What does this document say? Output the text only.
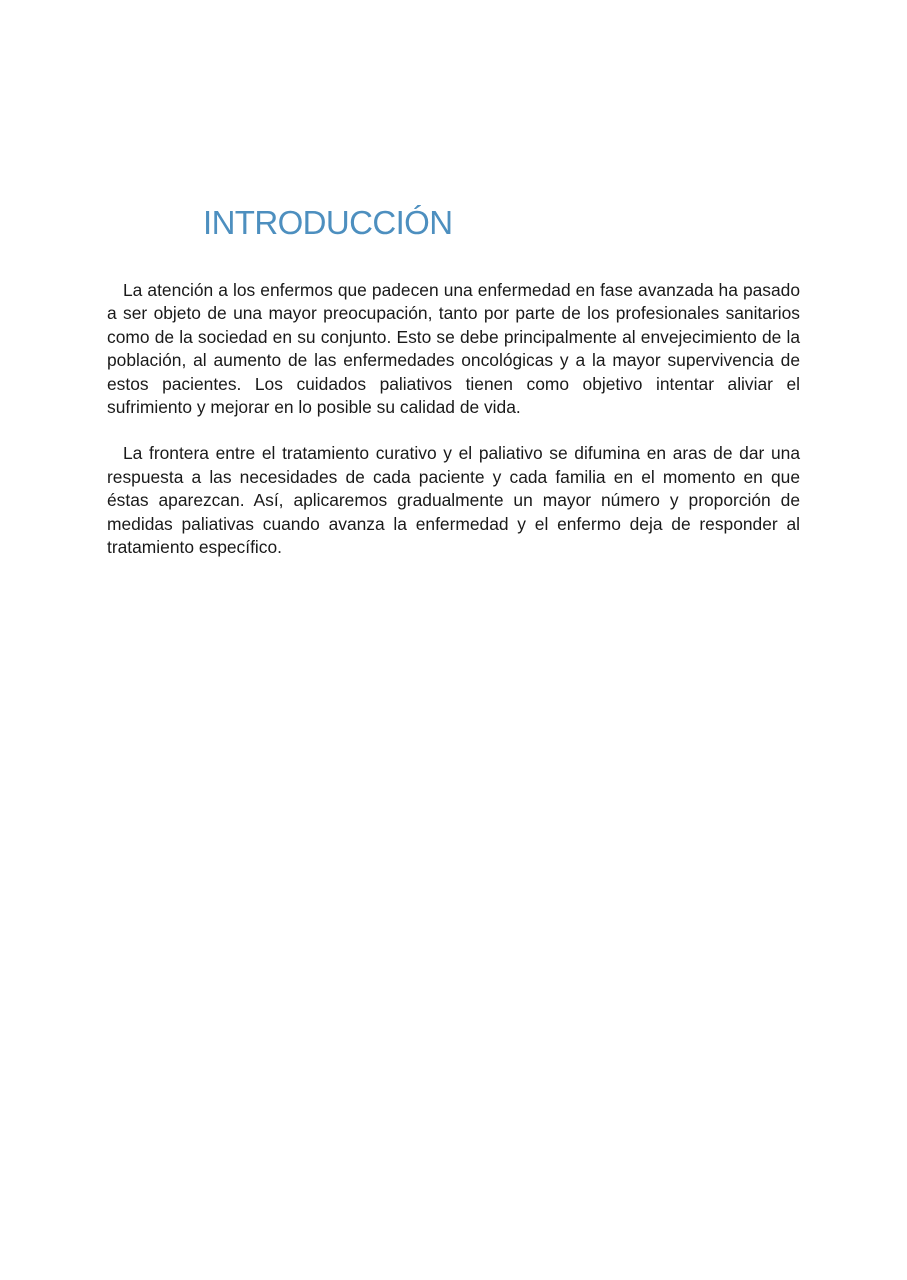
INTRODUCCIÓN

La atención a los enfermos que padecen una enfermedad en fase avanzada ha pasado a ser objeto de una mayor preocupación, tanto por parte de los profesionales sanitarios como de la sociedad en su conjunto. Esto se debe principalmente al envejecimiento de la población, al aumento de las enfermedades oncológicas y a la mayor supervivencia de estos pacientes. Los cuidados paliativos tienen como objetivo intentar aliviar el sufrimiento y mejorar en lo posible su calidad de vida.

La frontera entre el tratamiento curativo y el paliativo se difumina en aras de dar una respuesta a las necesidades de cada paciente y cada familia en el momento en que éstas aparezcan. Así, aplicaremos gradualmente un mayor número y proporción de medidas paliativas cuando avanza la enfermedad y el enfermo deja de responder al tratamiento específico.
